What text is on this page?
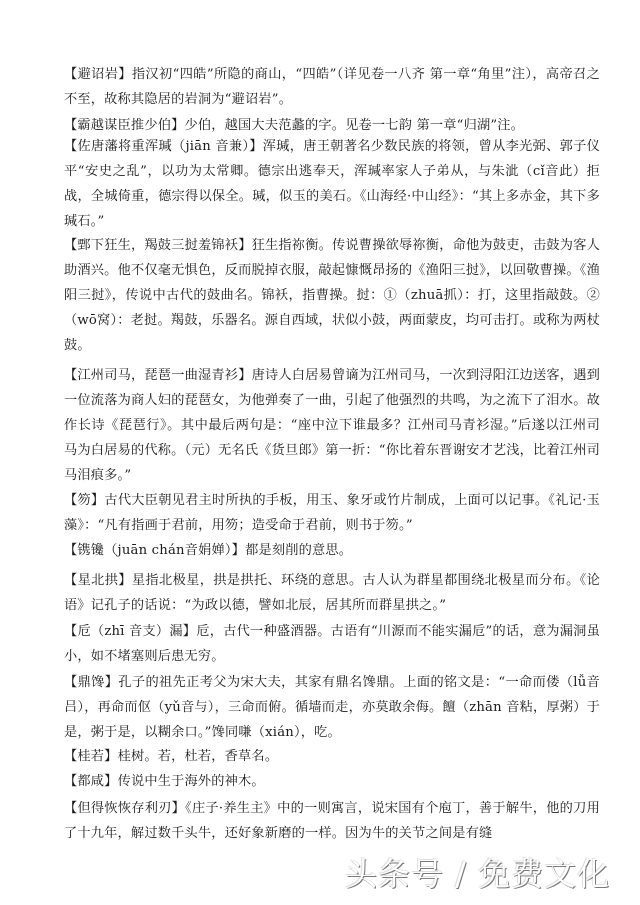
【避诏岩】指汉初“四皓”所隐的商山，“四皓”（详见卷一八齐 第一章“角里”注），高帝召之不至，故称其隐居的岩洞为“避诏岩”。

【霸越谋臣推少伯】少伯，越国大夫范蠡的字。见卷一七韵 第一章“归湖”注。

【佐唐藩将重浑瑊（jiān 音兼）】浑瑊，唐王朝著名少数民族的将领，曾从李光弼、郭子仪平“安史之乱”，以功为太常卿。德宗出逃奉天，浑瑊率家人子弟从，与朱泚（cǐ音此）拒战，全城倚重，德宗得以保全。瑊，似玉的美石。《山海经·中山经》：“其上多赤金，其下多瑊石。”

【鄄下狂生，羯鼓三挝羞锦袄】狂生指祢衡。传说曹操欲辱祢衡，命他为鼓吏，击鼓为客人助酒兴。他不仅毫无惧色，反而脱掉衣服，敲起慷慨昂扬的《渔阳三挝》，以回敬曹操。《渔阳三挝》，传说中古代的鼓曲名。锦袄，指曹操。挝：①（zhuā抓）：打，这里指敲鼓。②（wō窝）：老挝。羯鼓，乐器名。源自西域，状似小鼓，两面蒙皮，均可击打。或称为两杖鼓。

【江州司马，琵琶一曲湿青衫】唐诗人白居易曾谪为江州司马，一次到浔阳江边送客，遇到一位流落为商人妇的琵琶女，为他弹奏了一曲，引起了他强烈的共鸣，为之流下了泪水。故作长诗《琵琶行》。其中最后两句是：“座中泣下谁最多？江州司马青衫湿。”后遂以江州司马为白居易的代称。（元）无名氏《货旦郎》第一折：“你比着东晋谢安才艺浅，比着江州司马泪痕多。”

【笏】古代大臣朝见君主时所执的手板，用玉、象牙或竹片制成，上面可以记事。《礼记·玉藻》：“凡有指画于君前，用笏；造受命于君前，则书于笏。”

【镌镵（juān chán音娟婵）】都是刻削的意思。

【星北拱】星指北极星，拱是拱托、环绕的意思。古人认为群星都围绕北极星而分布。《论语》记孔子的话说：“为政以德，譬如北辰，居其所而群星拱之。”

【卮（zhī 音支）漏】卮，古代一种盛酒器。古语有“川源而不能实漏卮”的话，意为漏洞虽小，如不堵塞则后患无穷。

【鼎馋】孔子的祖先正考父为宋大夫，其家有鼎名馋鼎。上面的铭文是：“一命而偻（lǚ音吕），再命而伛（yǔ音与），三命而俯。循墙而走，亦莫敢余侮。饘（zhān 音粘，厚粥）于是，粥于是，以糊余口。”馋同嗛（xián），吃。

【桂若】桂树。若，杜若，香草名。

【都咸】传说中生于海外的神木。

【但得恢恢存利刃】《庄子·养生主》中的一则寓言，说宋国有个庖丁，善于解牛，他的刀用了十九年，解过数千头牛，还好象新磨的一样。因为牛的关节之间是有缝

头条号 / 免费文化
